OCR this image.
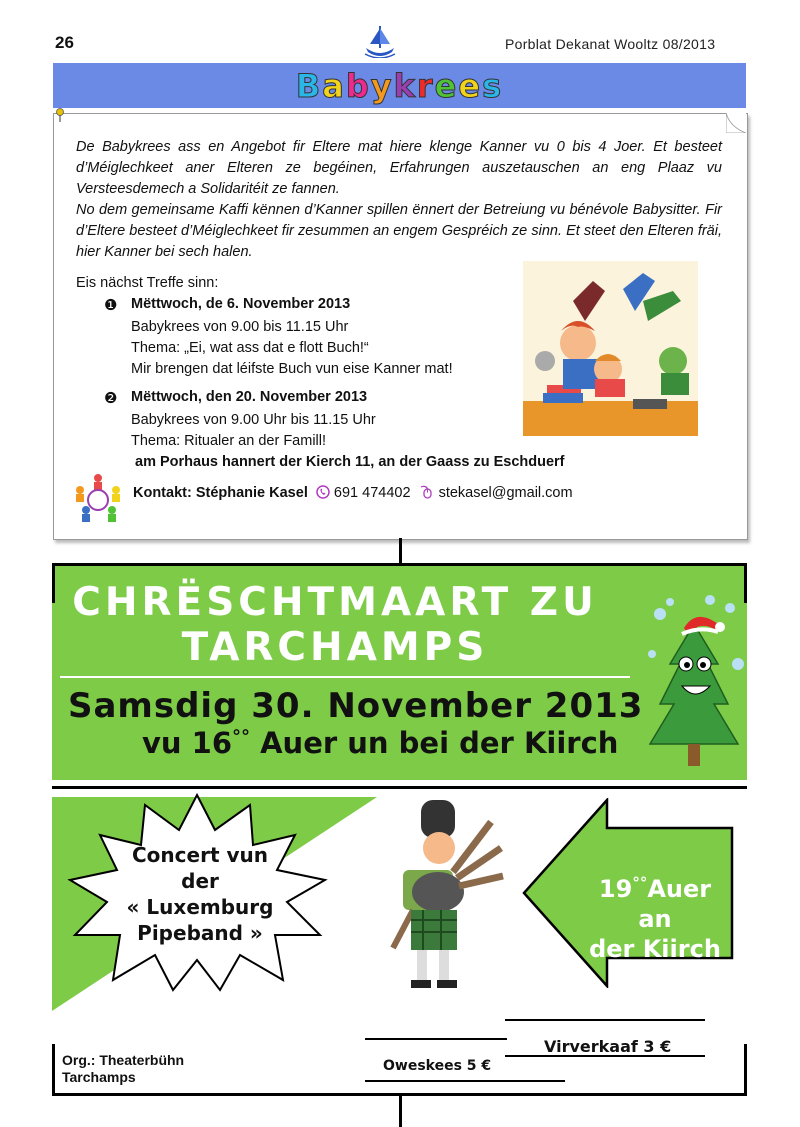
26	Porblat Dekanat Wooltz 08/2013
Babykrees
De Babykrees ass en Angebot fir Eltere mat hiere klenge Kanner vu 0 bis 4 Joer. Et besteet d’Méiglechkeet aner Elteren ze begéinen, Erfahrungen auszetauschen an eng Plaaz vu Versteesdemech a Solidaritéit ze fannen.
No dem gemeinsame Kaffi kënnen d’Kanner spillen ënnert der Betreiung vu bénévole Babysitter. Fir d’Eltere besteet d’Méiglechkeet fir zesummen an engem Gespréich ze sinn. Et steet den Elteren fräi, hier Kanner bei sech halen.
Eis nächst Treffe sinn:
❶ Mëttwoch, de 6. November 2013
Babykrees von 9.00 bis 11.15 Uhr
Thema: „Ei, wat ass dat e flott Buch!“
Mir brengen dat léifste Buch vun eise Kanner mat!
❷ Mëttwoch, den 20. November 2013
Babykrees von 9.00 Uhr bis 11.15 Uhr
Thema: Ritualer an der Famill!
am Porhaus hannert der Kierch 11, an der Gaass zu Eschduerf
Kontakt: Stéphanie Kasel 691 474402 stekasel@gmail.com
CHRËSCHTMAART ZU
TARCHAMPS
Samsdig 30. November 2013
vu 16°° Auer un bei der Kiirch
Concert vun
der
« Luxemburg
Pipeband »
19°°Auer an
der Kiirch
Virverkaaf 3 €
Oweskees 5 €
Org.: Theaterbühn
Tarchamps
